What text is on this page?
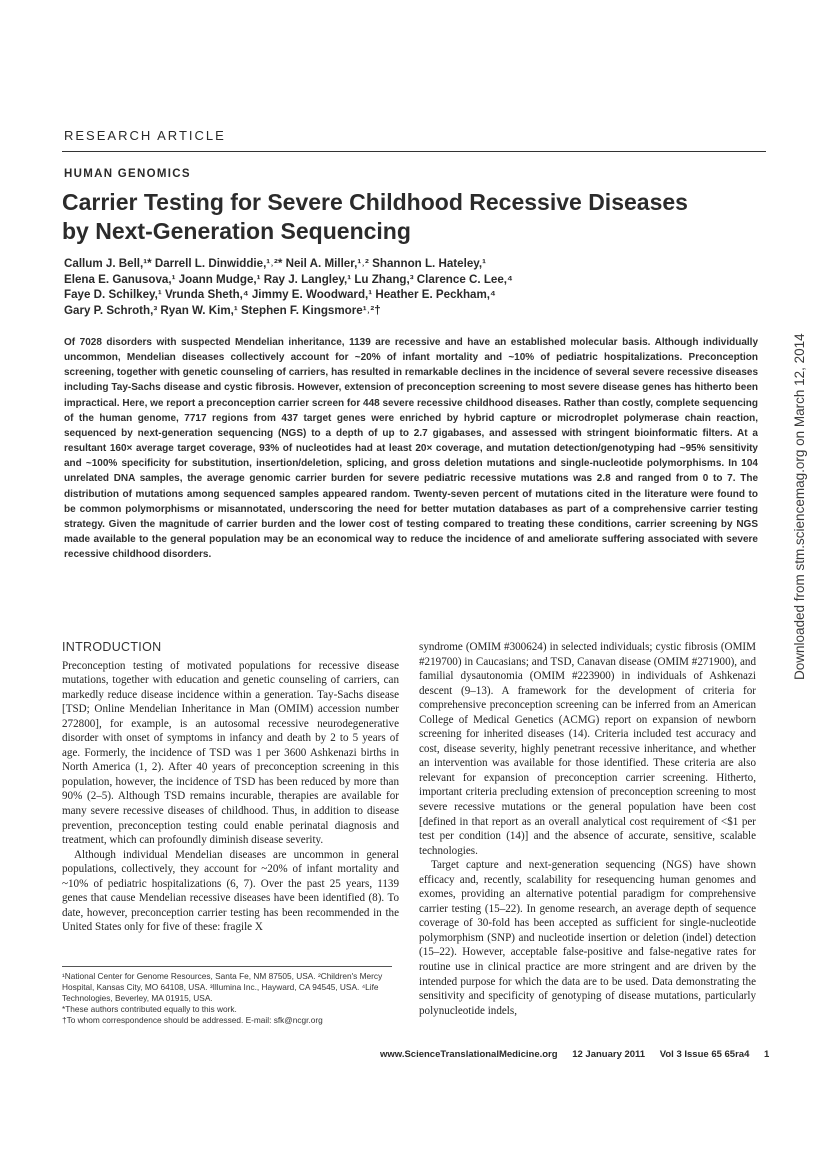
RESEARCH ARTICLE
HUMAN GENOMICS
Carrier Testing for Severe Childhood Recessive Diseases by Next-Generation Sequencing
Callum J. Bell,¹* Darrell L. Dinwiddie,¹˒²* Neil A. Miller,¹˒² Shannon L. Hateley,¹
Elena E. Ganusova,¹ Joann Mudge,¹ Ray J. Langley,¹ Lu Zhang,³ Clarence C. Lee,⁴
Faye D. Schilkey,¹ Vrunda Sheth,⁴ Jimmy E. Woodward,¹ Heather E. Peckham,⁴
Gary P. Schroth,³ Ryan W. Kim,¹ Stephen F. Kingsmore¹˒²†

Of 7028 disorders with suspected Mendelian inheritance, 1139 are recessive and have an established molecular basis. Although individually uncommon, Mendelian diseases collectively account for ~20% of infant mortality and ~10% of pediatric hospitalizations. Preconception screening, together with genetic counseling of carriers, has resulted in remarkable declines in the incidence of several severe recessive diseases including Tay-Sachs disease and cystic fibrosis. However, extension of preconception screening to most severe disease genes has hitherto been impractical. Here, we report a preconception carrier screen for 448 severe recessive childhood diseases. Rather than costly, complete sequencing of the human genome, 7717 regions from 437 target genes were enriched by hybrid capture or microdroplet polymerase chain reaction, sequenced by next-generation sequencing (NGS) to a depth of up to 2.7 gigabases, and assessed with stringent bioinformatic filters. At a resultant 160× average target coverage, 93% of nucleotides had at least 20× coverage, and mutation detection/genotyping had ~95% sensitivity and ~100% specificity for substitution, insertion/deletion, splicing, and gross deletion mutations and single-nucleotide polymorphisms. In 104 unrelated DNA samples, the average genomic carrier burden for severe pediatric recessive mutations was 2.8 and ranged from 0 to 7. The distribution of mutations among sequenced samples appeared random. Twenty-seven percent of mutations cited in the literature were found to be common polymorphisms or misannotated, underscoring the need for better mutation databases as part of a comprehensive carrier testing strategy. Given the magnitude of carrier burden and the lower cost of testing compared to treating these conditions, carrier screening by NGS made available to the general population may be an economical way to reduce the incidence of and ameliorate suffering associated with severe recessive childhood disorders.

INTRODUCTION

Preconception testing of motivated populations for recessive disease mutations, together with education and genetic counseling of carriers, can markedly reduce disease incidence within a generation. Tay-Sachs disease [TSD; Online Mendelian Inheritance in Man (OMIM) accession number 272800], for example, is an autosomal recessive neurodegenerative disorder with onset of symptoms in infancy and death by 2 to 5 years of age. Formerly, the incidence of TSD was 1 per 3600 Ashkenazi births in North America (1, 2). After 40 years of preconception screening in this population, however, the incidence of TSD has been reduced by more than 90% (2–5). Although TSD remains incurable, therapies are available for many severe recessive diseases of childhood. Thus, in addition to disease prevention, preconception testing could enable perinatal diagnosis and treatment, which can profoundly diminish disease severity.

Although individual Mendelian diseases are uncommon in general populations, collectively, they account for ~20% of infant mortality and ~10% of pediatric hospitalizations (6, 7). Over the past 25 years, 1139 genes that cause Mendelian recessive diseases have been identified (8). To date, however, preconception carrier testing has been recommended in the United States only for five of these: fragile X

syndrome (OMIM #300624) in selected individuals; cystic fibrosis (OMIM #219700) in Caucasians; and TSD, Canavan disease (OMIM #271900), and familial dysautonomia (OMIM #223900) in individuals of Ashkenazi descent (9–13). A framework for the development of criteria for comprehensive preconception screening can be inferred from an American College of Medical Genetics (ACMG) report on expansion of newborn screening for inherited diseases (14). Criteria included test accuracy and cost, disease severity, highly penetrant recessive inheritance, and whether an intervention was available for those identified. These criteria are also relevant for expansion of preconception carrier screening. Hitherto, important criteria precluding extension of preconception screening to most severe recessive mutations or the general population have been cost [defined in that report as an overall analytical cost requirement of <$1 per test per condition (14)] and the absence of accurate, sensitive, scalable technologies.

Target capture and next-generation sequencing (NGS) have shown efficacy and, recently, scalability for resequencing human genomes and exomes, providing an alternative potential paradigm for comprehensive carrier testing (15–22). In genome research, an average depth of sequence coverage of 30-fold has been accepted as sufficient for single-nucleotide polymorphism (SNP) and nucleotide insertion or deletion (indel) detection (15–22). However, acceptable false-positive and false-negative rates for routine use in clinical practice are more stringent and are driven by the intended purpose for which the data are to be used. Data demonstrating the sensitivity and specificity of genotyping of disease mutations, particularly polynucleotide indels,

¹National Center for Genome Resources, Santa Fe, NM 87505, USA. ²Children's Mercy Hospital, Kansas City, MO 64108, USA. ³Illumina Inc., Hayward, CA 94545, USA. ⁴Life Technologies, Beverley, MA 01915, USA.
*These authors contributed equally to this work.
†To whom correspondence should be addressed. E-mail: sfk@ncgr.org
www.ScienceTranslationalMedicine.org 12 January 2011 Vol 3 Issue 65 65ra4 1
Downloaded from stm.sciencemag.org on March 12, 2014
